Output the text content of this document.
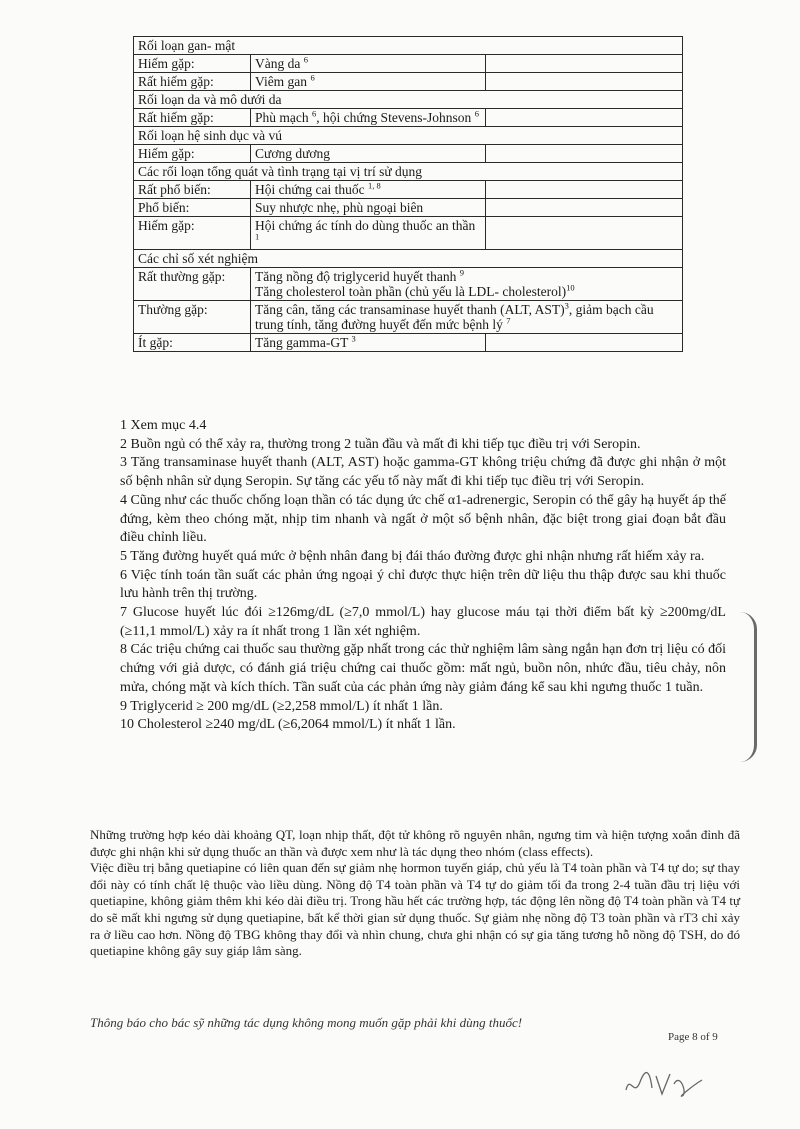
Rối loạn gan- mật		
Hiếm gặp:	Vàng da $^6$	
Rất hiếm gặp:	Viêm gan $^6$	
Rối loạn da và mô dưới da		
Rất hiếm gặp:	Phù mạch $^6$, hội chứng Stevens-Johnson $^6$	
Rối loạn hệ sinh dục và vú		
Hiếm gặp:	Cương dương	
Các rối loạn tổng quát và tình trạng tại vị trí sử dụng		
Rất phổ biến:	Hội chứng cai thuốc $^{1, 8}$	
Phổ biến:	Suy nhược nhẹ, phù ngoại biên	
Hiếm gặp:	Hội chứng ác tính do dùng thuốc an thần $^1$	
Các chỉ số xét nghiệm		
Rất thường gặp:	Tăng nồng độ triglycerid huyết thanh $^9$
Tăng cholesterol toàn phần (chủ yếu là LDL- cholesterol)$^{10}$
Thường gặp:	Tăng cân, tăng các transaminase huyết thanh (ALT, AST)$^3$, giảm bạch cầu trung tính, tăng đường huyết đến mức bệnh lý $^7$
Ít gặp:	Tăng gamma-GT $^3$	

1 Xem mục 4.4

2 Buồn ngủ có thể xảy ra, thường trong 2 tuần đầu và mất đi khi tiếp tục điều trị với Seropin.

3 Tăng transaminase huyết thanh (ALT, AST) hoặc gamma-GT không triệu chứng đã được ghi nhận ở một số bệnh nhân sử dụng Seropin. Sự tăng các yếu tố này mất đi khi tiếp tục điều trị với Seropin.

4 Cũng như các thuốc chống loạn thần có tác dụng ức chế α1-adrenergic, Seropin có thể gây hạ huyết áp thế đứng, kèm theo chóng mặt, nhịp tim nhanh và ngất ở một số bệnh nhân, đặc biệt trong giai đoạn bắt đầu điều chỉnh liều.

5 Tăng đường huyết quá mức ở bệnh nhân đang bị đái tháo đường được ghi nhận nhưng rất hiếm xảy ra.

6 Việc tính toán tần suất các phản ứng ngoại ý chỉ được thực hiện trên dữ liệu thu thập được sau khi thuốc lưu hành trên thị trường.

7 Glucose huyết lúc đói ≥126mg/dL (≥7,0 mmol/L) hay glucose máu tại thời điểm bất kỳ ≥200mg/dL (≥11,1 mmol/L) xảy ra ít nhất trong 1 lần xét nghiệm.

8 Các triệu chứng cai thuốc sau thường gặp nhất trong các thử nghiệm lâm sàng ngắn hạn đơn trị liệu có đối chứng với giả dược, có đánh giá triệu chứng cai thuốc gồm: mất ngủ, buồn nôn, nhức đầu, tiêu chảy, nôn mửa, chóng mặt và kích thích. Tần suất của các phản ứng này giảm đáng kể sau khi ngưng thuốc 1 tuần.

9 Triglycerid ≥ 200 mg/dL (≥2,258 mmol/L) ít nhất 1 lần.

10 Cholesterol ≥240 mg/dL (≥6,2064 mmol/L) ít nhất 1 lần.

Những trường hợp kéo dài khoảng QT, loạn nhịp thất, đột tử không rõ nguyên nhân, ngưng tim và hiện tượng xoắn đỉnh đã được ghi nhận khi sử dụng thuốc an thần và được xem như là tác dụng theo nhóm (class effects).

Việc điều trị bằng quetiapine có liên quan đến sự giảm nhẹ hormon tuyến giáp, chủ yếu là T4 toàn phần và T4 tự do; sự thay đổi này có tính chất lệ thuộc vào liều dùng. Nồng độ T4 toàn phần và T4 tự do giảm tối đa trong 2-4 tuần đầu trị liệu với quetiapine, không giảm thêm khi kéo dài điều trị. Trong hầu hết các trường hợp, tác động lên nồng độ T4 toàn phần và T4 tự do sẽ mất khi ngưng sử dụng quetiapine, bất kể thời gian sử dụng thuốc. Sự giảm nhẹ nồng độ T3 toàn phần và rT3 chỉ xảy ra ở liều cao hơn. Nồng độ TBG không thay đổi và nhìn chung, chưa ghi nhận có sự gia tăng tương hỗ nồng độ TSH, do đó quetiapine không gây suy giáp lâm sàng.

Thông báo cho bác sỹ những tác dụng không mong muốn gặp phải khi dùng thuốc!
Page 8 of 9
